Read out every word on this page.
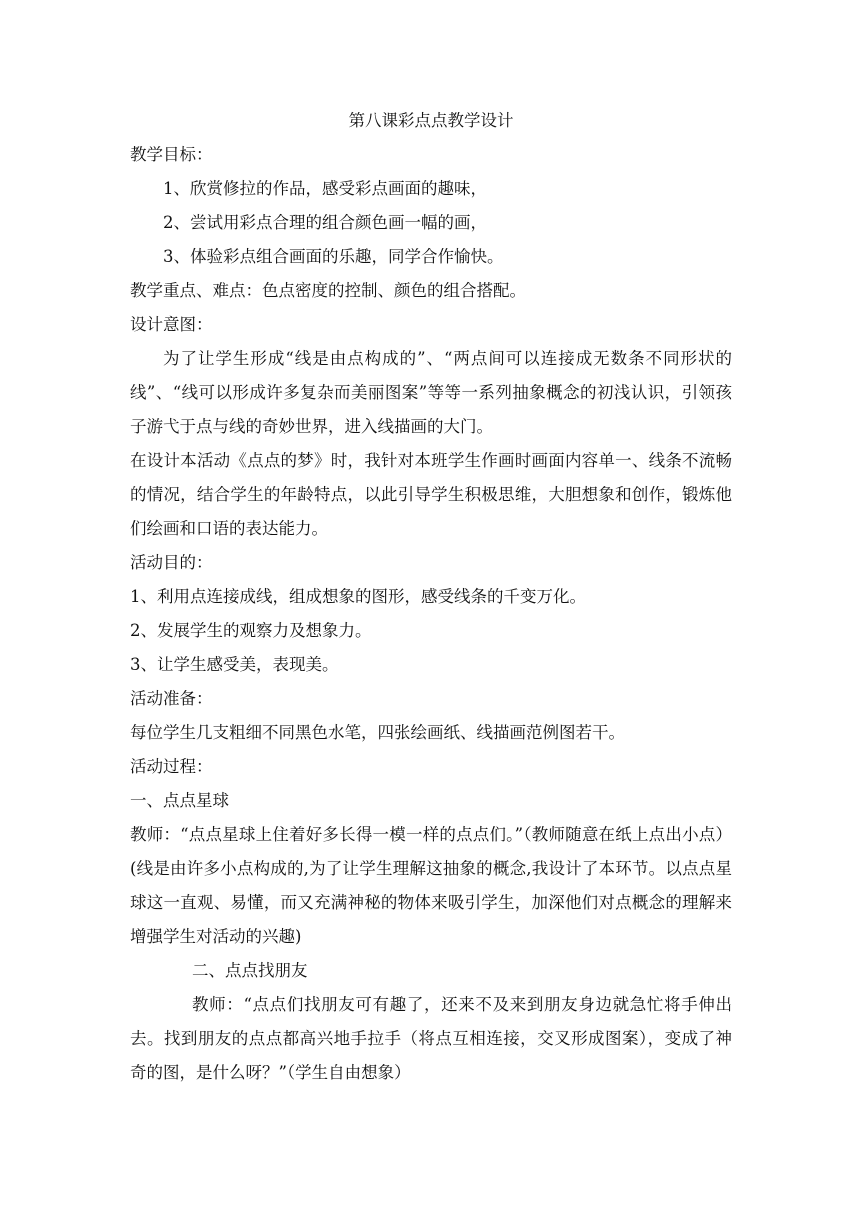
第八课彩点点教学设计

教学目标：

1、欣赏修拉的作品，感受彩点画面的趣味，

2、尝试用彩点合理的组合颜色画一幅的画，

3、体验彩点组合画面的乐趣，同学合作愉快。

教学重点、难点：色点密度的控制、颜色的组合搭配。

设计意图：

为了让学生形成“线是由点构成的”、“两点间可以连接成无数条不同形状的线”、“线可以形成许多复杂而美丽图案”等等一系列抽象概念的初浅认识，引领孩子游弋于点与线的奇妙世界，进入线描画的大门。

在设计本活动《点点的梦》时，我针对本班学生作画时画面内容单一、线条不流畅的情况，结合学生的年龄特点，以此引导学生积极思维，大胆想象和创作，锻炼他们绘画和口语的表达能力。

活动目的：

1、利用点连接成线，组成想象的图形，感受线条的千变万化。

2、发展学生的观察力及想象力。

3、让学生感受美，表现美。

活动准备：

每位学生几支粗细不同黑色水笔，四张绘画纸、线描画范例图若干。

活动过程：

一、点点星球

教师：“点点星球上住着好多长得一模一样的点点们。”（教师随意在纸上点出小点）(线是由许多小点构成的,为了让学生理解这抽象的概念,我设计了本环节。以点点星球这一直观、易懂，而又充满神秘的物体来吸引学生，加深他们对点概念的理解来增强学生对活动的兴趣)

二、点点找朋友

教师：“点点们找朋友可有趣了，还来不及来到朋友身边就急忙将手伸出去。找到朋友的点点都高兴地手拉手（将点互相连接，交叉形成图案），变成了神奇的图，是什么呀？”（学生自由想象）
